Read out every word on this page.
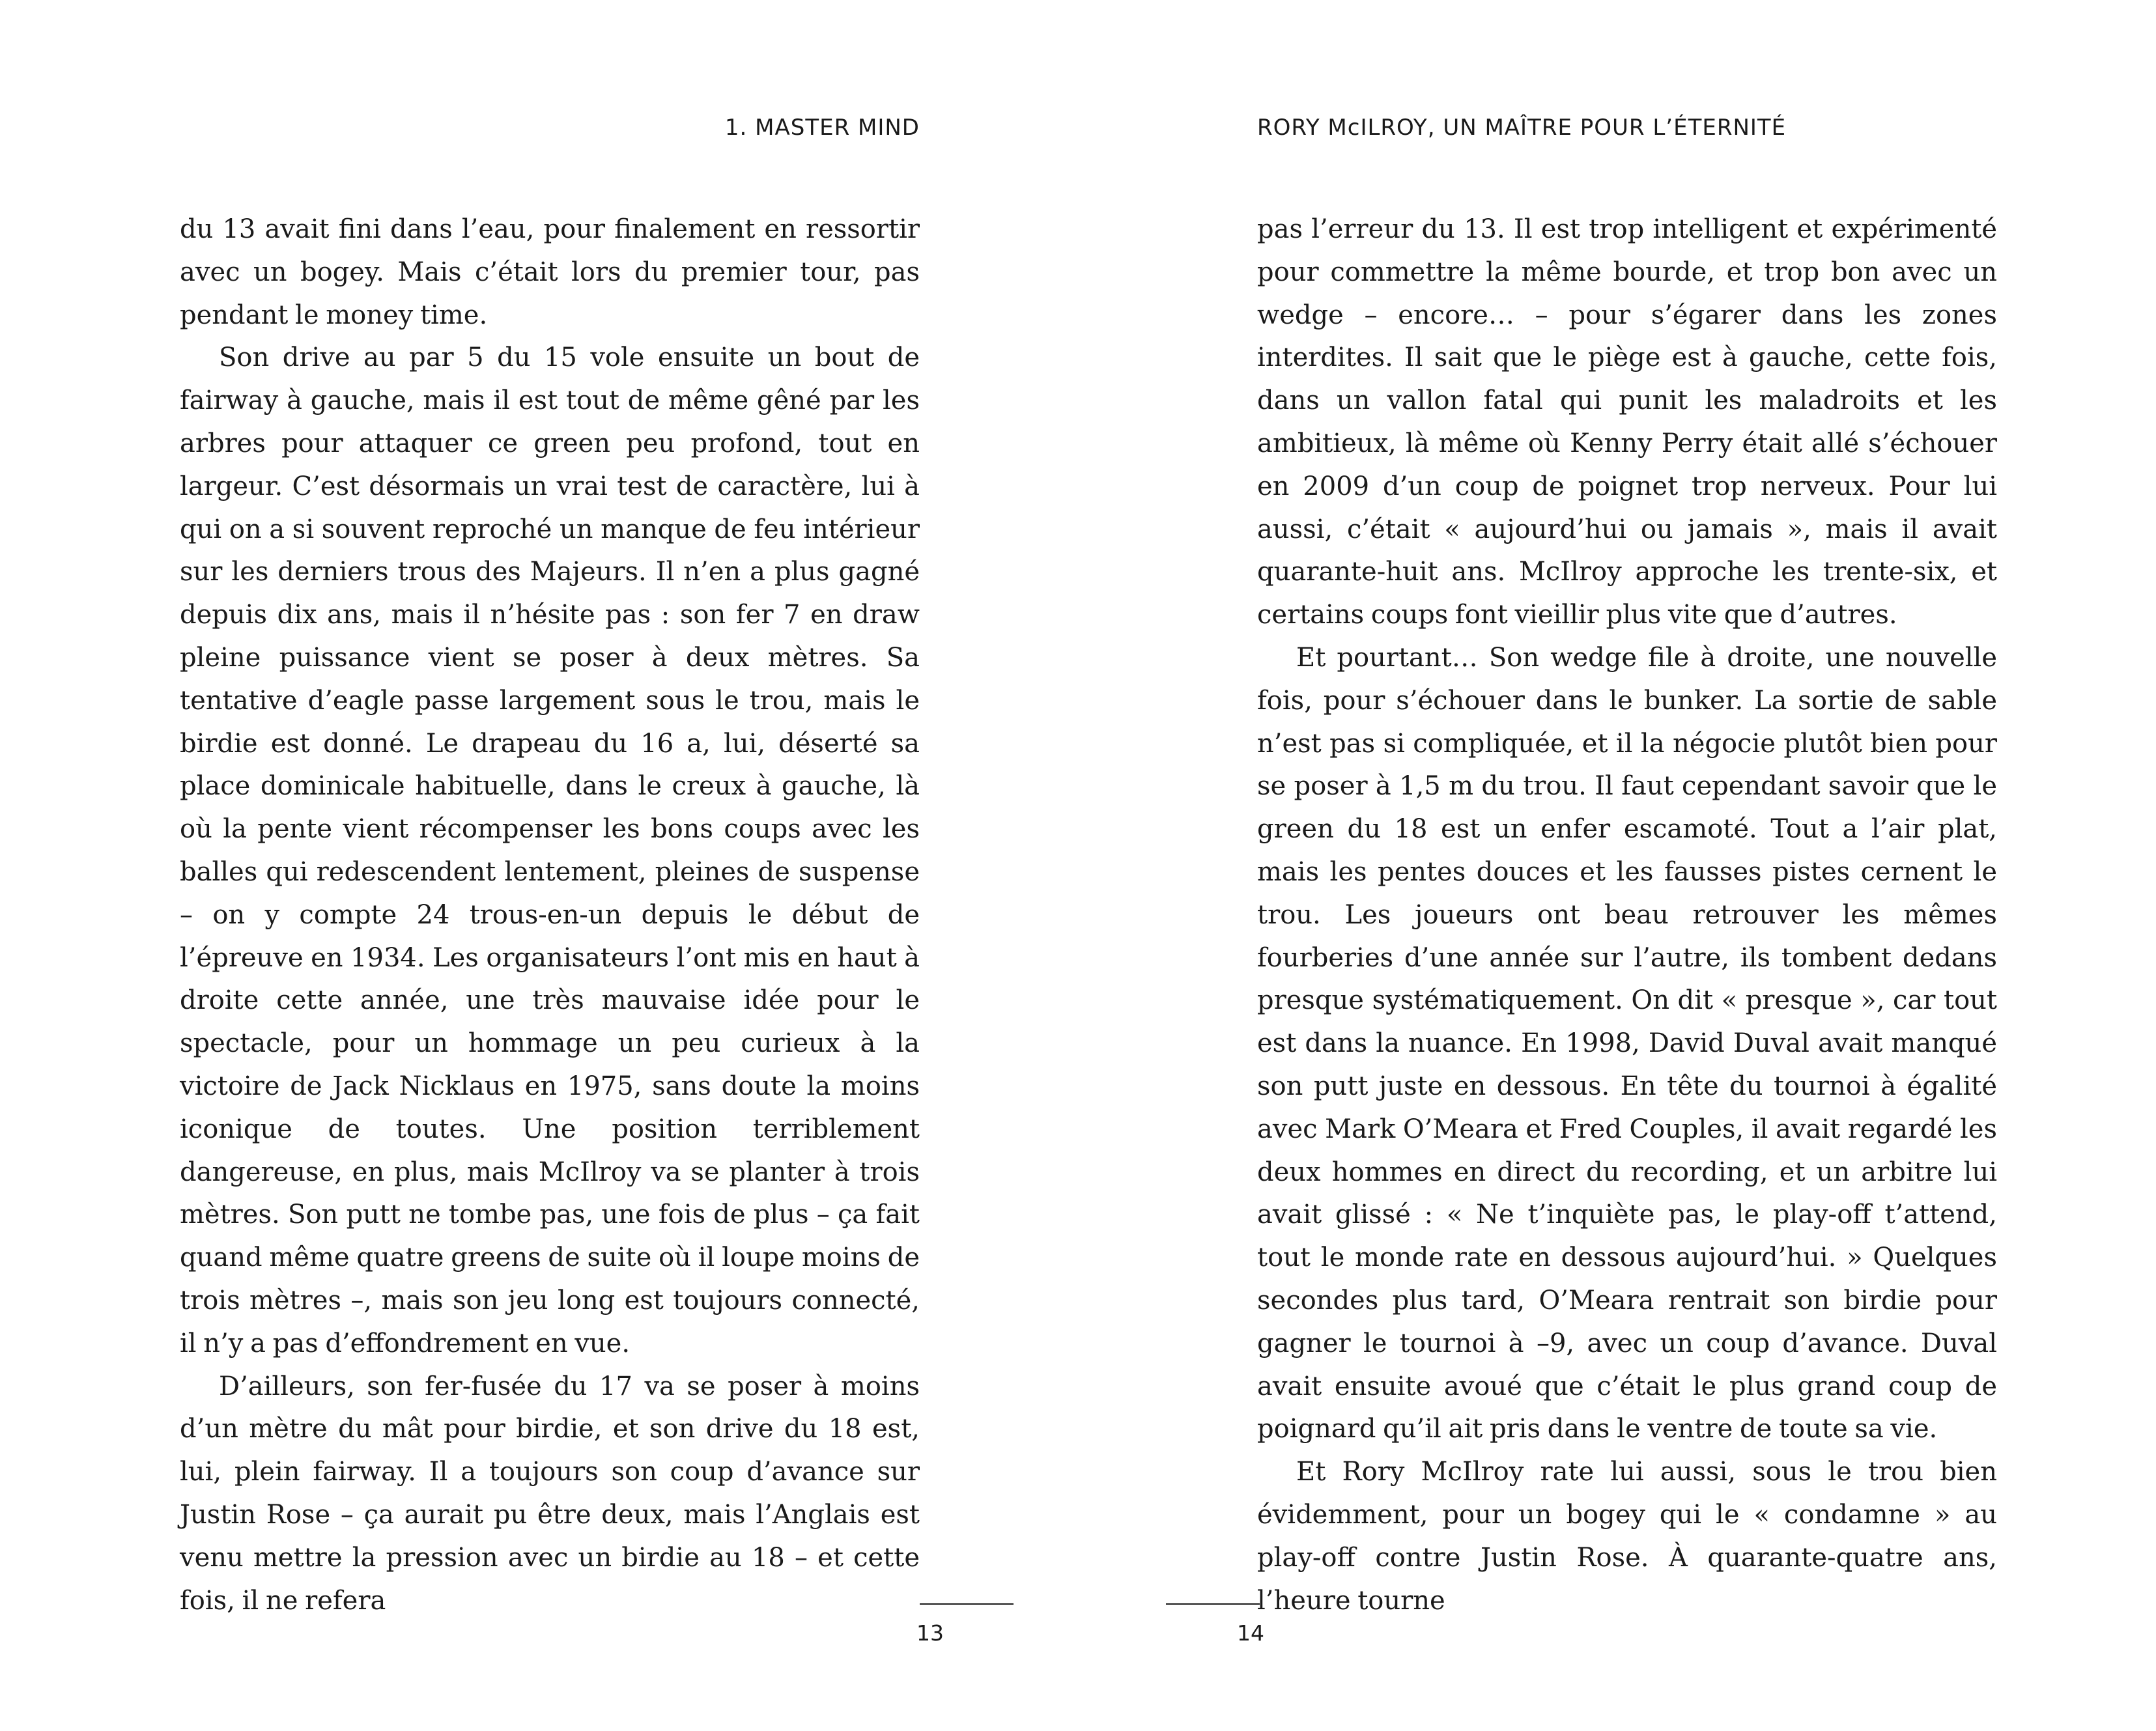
1. MASTER MIND

du 13 avait fini dans l’eau, pour finalement en ressortir avec un bogey. Mais c’était lors du premier tour, pas pendant le money time.

Son drive au par 5 du 15 vole ensuite un bout de fairway à gauche, mais il est tout de même gêné par les arbres pour attaquer ce green peu profond, tout en largeur. C’est désormais un vrai test de caractère, lui à qui on a si souvent reproché un manque de feu intérieur sur les derniers trous des Majeurs. Il n’en a plus gagné depuis dix ans, mais il n’hésite pas : son fer 7 en draw pleine puissance vient se poser à deux mètres. Sa tentative d’eagle passe largement sous le trou, mais le birdie est donné. Le drapeau du 16 a, lui, déserté sa place dominicale habituelle, dans le creux à gauche, là où la pente vient récompenser les bons coups avec les balles qui redescendent lentement, pleines de suspense – on y compte 24 trous-en-un depuis le début de l’épreuve en 1934. Les organisateurs l’ont mis en haut à droite cette année, une très mauvaise idée pour le spectacle, pour un hommage un peu curieux à la victoire de Jack Nicklaus en 1975, sans doute la moins iconique de toutes. Une position terriblement dangereuse, en plus, mais McIlroy va se planter à trois mètres. Son putt ne tombe pas, une fois de plus – ça fait quand même quatre greens de suite où il loupe moins de trois mètres –, mais son jeu long est toujours connecté, il n’y a pas d’effondrement en vue.

D’ailleurs, son fer-fusée du 17 va se poser à moins d’un mètre du mât pour birdie, et son drive du 18 est, lui, plein fairway. Il a toujours son coup d’avance sur Justin Rose – ça aurait pu être deux, mais l’Anglais est venu mettre la pression avec un birdie au 18 – et cette fois, il ne refera

RORY McILROY, UN MAÎTRE POUR L’ÉTERNITÉ

pas l’erreur du 13. Il est trop intelligent et expérimenté pour commettre la même bourde, et trop bon avec un wedge – encore… – pour s’égarer dans les zones interdites. Il sait que le piège est à gauche, cette fois, dans un vallon fatal qui punit les maladroits et les ambitieux, là même où Kenny Perry était allé s’échouer en 2009 d’un coup de poignet trop nerveux. Pour lui aussi, c’était « aujourd’hui ou jamais », mais il avait quarante-huit ans. McIlroy approche les trente-six, et certains coups font vieillir plus vite que d’autres.

Et pourtant… Son wedge file à droite, une nouvelle fois, pour s’échouer dans le bunker. La sortie de sable n’est pas si compliquée, et il la négocie plutôt bien pour se poser à 1,5 m du trou. Il faut cependant savoir que le green du 18 est un enfer escamoté. Tout a l’air plat, mais les pentes douces et les fausses pistes cernent le trou. Les joueurs ont beau retrouver les mêmes fourberies d’une année sur l’autre, ils tombent dedans presque systématiquement. On dit « presque », car tout est dans la nuance. En 1998, David Duval avait manqué son putt juste en dessous. En tête du tournoi à égalité avec Mark O’Meara et Fred Couples, il avait regardé les deux hommes en direct du recording, et un arbitre lui avait glissé : « Ne t’inquiète pas, le play-off t’attend, tout le monde rate en dessous aujourd’hui. » Quelques secondes plus tard, O’Meara rentrait son birdie pour gagner le tournoi à –9, avec un coup d’avance. Duval avait ensuite avoué que c’était le plus grand coup de poignard qu’il ait pris dans le ventre de toute sa vie.

Et Rory McIlroy rate lui aussi, sous le trou bien évidemment, pour un bogey qui le « condamne » au play-off contre Justin Rose. À quarante-quatre ans, l’heure tourne

13	14
